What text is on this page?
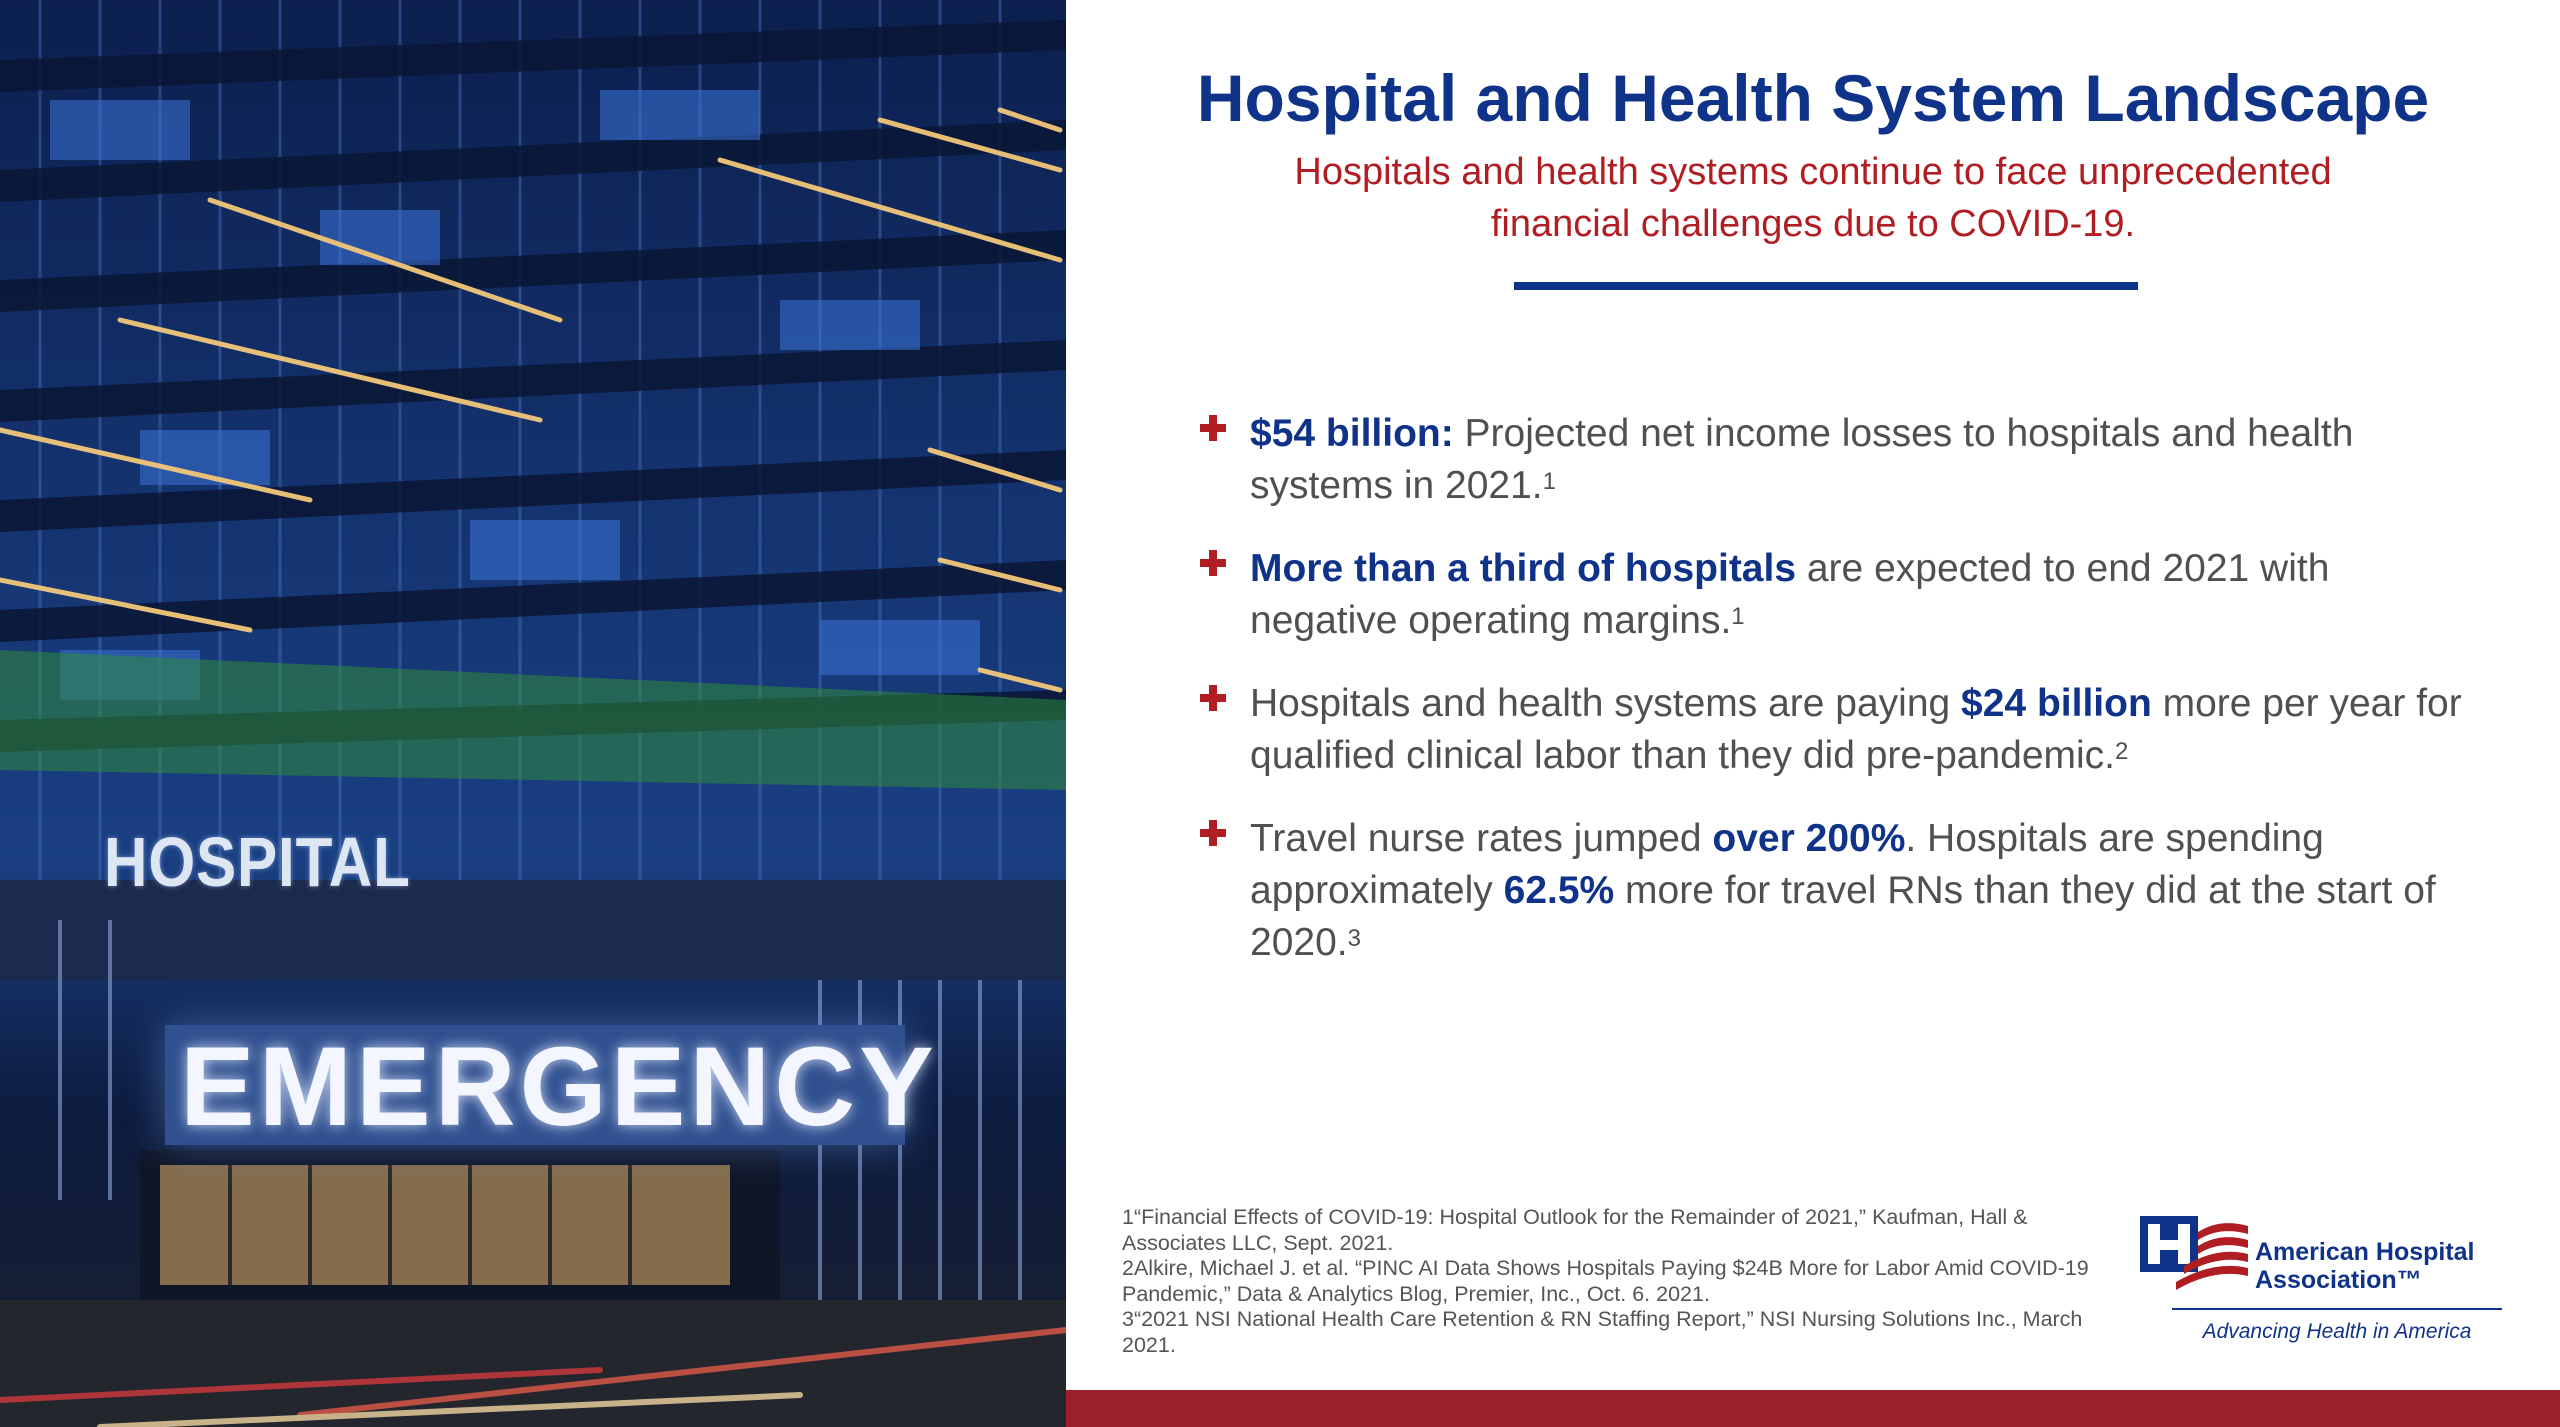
HOSPITAL
EMERGENCY
Hospital and Health System Landscape

Hospitals and health systems continue to face unprecedented
financial challenges due to COVID-19.

$54 billion: Projected net income losses to hospitals and health systems in 2021.$^1$
More than a third of hospitals are expected to end 2021 with negative operating margins.$^1$
Hospitals and health systems are paying $24 billion more per year for qualified clinical labor than they did pre-pandemic.$^2$
Travel nurse rates jumped over 200%. Hospitals are spending approximately 62.5% more for travel RNs than they did at the start of 2020.$^3$
1“Financial Effects of COVID-19: Hospital Outlook for the Remainder of 2021,” Kaufman, Hall & Associates LLC, Sept. 2021.
2Alkire, Michael J. et al. “PINC AI Data Shows Hospitals Paying $24B More for Labor Amid COVID-19 Pandemic,” Data & Analytics Blog, Premier, Inc., Oct. 6. 2021.
3“2021 NSI National Health Care Retention & RN Staffing Report,” NSI Nursing Solutions Inc., March 2021.
American Hospital
Association™
Advancing Health in America
